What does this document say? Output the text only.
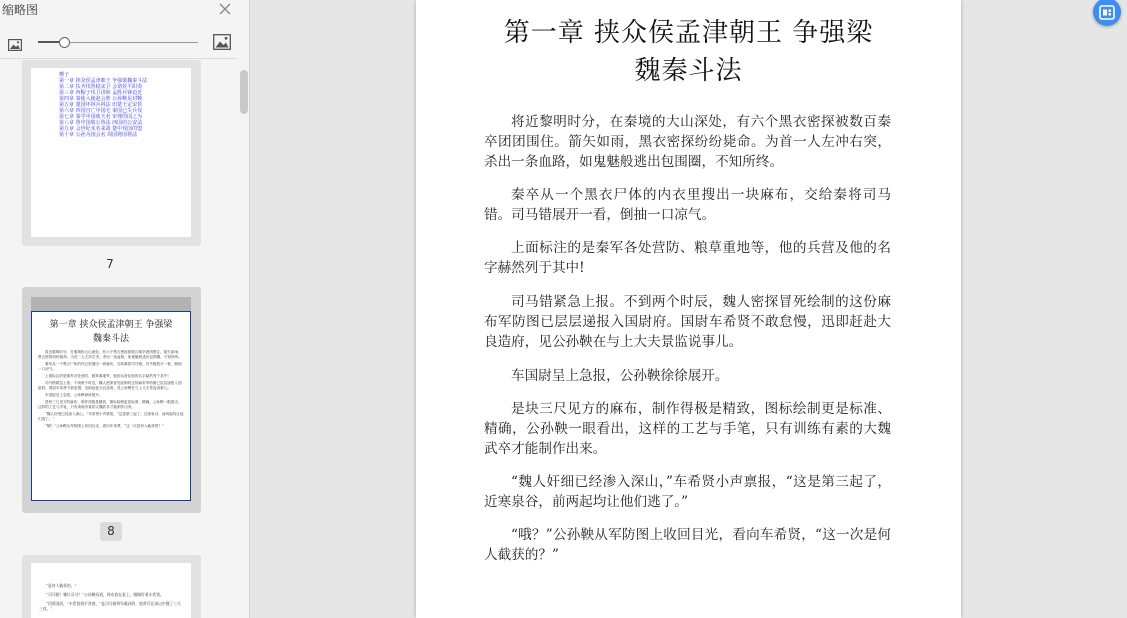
缩略图
楔子
第一章 挟众侯孟津朝王 争强梁魏秦斗法
第二章 扶齐伐鲁稳宋卫 会诸侯平阳奏
第三章 西帽子伐卫讲和 孟胜兵锋迫近
第四章 秦使入使赵会胜 公孙鞅见封鞅
第五章 楚国坏林兵林法 田楚王定宋侯
第六章 四国宫亡中国宅 秦国已失兵伐
第七章 秦学中国收天名 审理的国之为
第八章 鲁中国收公鲁法 西国的公安法
第九章 会世纪末名来战 楚中伐国的盟
第十章 公孙为国会名 周国将国将法
7
第一章 挟众侯孟津朝王 争强梁
魏秦斗法
将近黎明时分，在秦境的大山深处，有六个黑衣密探被数百秦卒团团围住。箭矢如雨，黑衣密探纷纷毙命。为首一人左冲右突，杀出一条血路，如鬼魅般逃出包围圈，不知所终。
秦卒从一个黑衣尸体的内衣里搜出一块麻布，交给秦将司马错。司马错展开一看，倒抽一口凉气。
上面标注的是秦军各处营防、粮草重地等，他的兵营及他的名字赫然列于其中！
司马错紧急上报。不到两个时辰，魏人密探冒死绘制的这份麻布军防图已层层递报入国尉府。国尉车希贤不敢怠慢，迅即赶赴大良造府，见公孙鞅在与上大夫景监说事儿。
车国尉呈上急报，公孙鞅徐徐展开。
是块三尺见方的麻布，制作得极是精致，图标绘制更是标准、精确，公孙鞅一眼看出，这样的工艺与手笔，只有训练有素的大魏武卒才能制作出来。
“魏人奸细已经渗入深山，”车希贤小声禀报，“这是第三起了，近寒泉谷，前两起均让他们逃了。”
“哦？”公孙鞅从军防图上收回目光，看向车希贤，“这一次是何人截获的？”
8
“是何人截获的。”
“司马错？哪位司马？”公孙鞅问道，将布放在案上，眼睛盯着车希贤。
“回禀国尉，”车希贤拱手答道，“是司马错将军截获的，他带兵在深山中搜了三天三夜。”
第一章 挟众侯孟津朝王 争强梁
魏秦斗法
将近黎明时分，在秦境的大山深处，有六个黑衣密探被数百秦卒团团围住。箭矢如雨，黑衣密探纷纷毙命。为首一人左冲右突，杀出一条血路，如鬼魅般逃出包围圈，不知所终。
秦卒从一个黑衣尸体的内衣里搜出一块麻布，交给秦将司马错。司马错展开一看，倒抽一口凉气。
上面标注的是秦军各处营防、粮草重地等，他的兵营及他的名字赫然列于其中!
司马错紧急上报。不到两个时辰，魏人密探冒死绘制的这份麻布军防图已层层递报入国尉府。国尉车希贤不敢怠慢，迅即赶赴大良造府，见公孙鞅在与上大夫景监说事儿。
车国尉呈上急报，公孙鞅徐徐展开。
是块三尺见方的麻布，制作得极是精致，图标绘制更是标准、精确，公孙鞅一眼看出，这样的工艺与手笔，只有训练有素的大魏武卒才能制作出来。
“魏人奸细已经渗入深山，”车希贤小声禀报，“这是第三起了，近寒泉谷，前两起均让他们逃了。”
“哦？”公孙鞅从军防图上收回目光，看向车希贤，“这一次是何人截获的？”
